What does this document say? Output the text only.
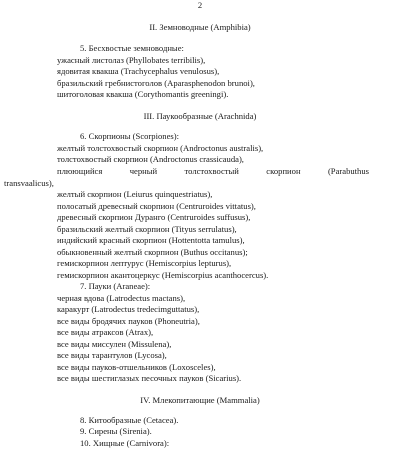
2
II. Земноводные (Amphibia)
5. Бесхвостые земноводные:
ужасный листолаз (Phyllobates terribilis),
ядовитая квакша (Trachycephalus venulosus),
бразильский гребнистоголов (Aparasphenodon brunoi),
шитоголовая квакша (Corythomantis greeningi).
III. Паукообразные (Arachnida)
6. Скорпионы (Scorpiones):
желтый толстохвостый скорпион (Androctonus australis),
толстохвостый скорпион (Androctonus crassicauda),
плюющийся	черный	толстохвостый	скорпион	(Parabuthus
transvaalicus),
желтый скорпион (Leiurus quinquestriatus),
полосатый древесный скорпион (Centruroides vittatus),
древесный скорпион Дуранго (Centruroides suffusus),
бразильский желтый скорпион (Tityus serrulatus),
индийский красный скорпион (Hottentotta tamulus),
обыкновенный желтый скорпион (Buthus occitanus);
гемискорпион лептурус (Hemiscorpius lepturus),
гемискорпион акантоцеркус (Hemiscorpius acanthocercus).
7. Пауки (Araneae):
черная вдова (Latrodectus mactans),
каракурт (Latrodectus tredecimguttatus),
все виды бродячих пауков (Phoneutria),
все виды атраксов (Atrax),
все виды миссулен (Missulena),
все виды тарантулов (Lycosa),
все виды пауков-отшельников (Loxosceles),
все виды шестиглазых песочных пауков (Sicarius).
IV. Млекопитающие (Mammalia)
8. Китообразные (Cetacea).
9. Сирены (Sirenia).
10. Хищные (Carnivora):
